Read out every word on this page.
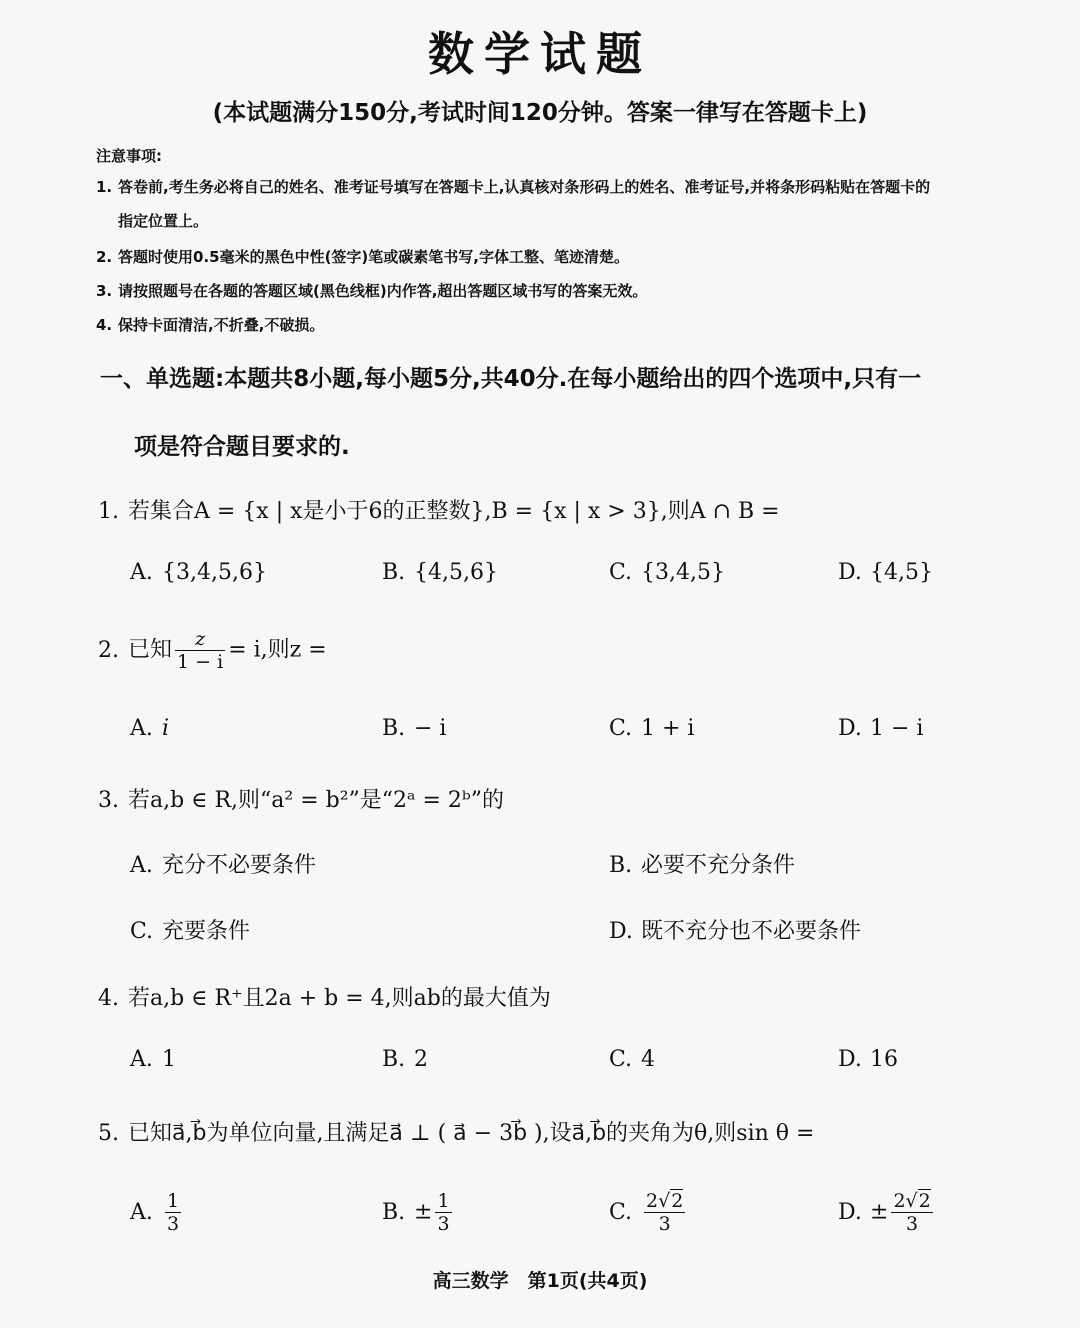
数学试题
(本试题满分150分,考试时间120分钟。答案一律写在答题卡上)
注意事项:
1. 答卷前,考生务必将自己的姓名、准考证号填写在答题卡上,认真核对条形码上的姓名、准考证号,并将条形码粘贴在答题卡的
指定位置上。
2. 答题时使用0.5毫米的黑色中性(签字)笔或碳素笔书写,字体工整、笔迹清楚。
3. 请按照题号在各题的答题区域(黑色线框)内作答,超出答题区域书写的答案无效。
4. 保持卡面清洁,不折叠,不破损。
一、单选题:本题共8小题,每小题5分,共40分.在每小题给出的四个选项中,只有一
项是符合题目要求的.
1. 若集合A = {x | x是小于6的正整数},B = {x | x > 3},则A ∩ B =
A. {3,4,5,6}	B. {4,5,6}	C. {3,4,5}	D. {4,5}
2. 已知 $\frac{z}{1 - i} = i$,则z =
A. i	B. − i	C. 1 + i	D. 1 − i
3. 若a,b ∈ R,则“a² = b²”是“2ᵃ = 2ᵇ”的
A. 充分不必要条件	B. 必要不充分条件
C. 充要条件	D. 既不充分也不必要条件
4. 若a,b ∈ R⁺且2a + b = 4,则ab的最大值为
A. 1	B. 2	C. 4	D. 16
5. 已知a⃗,b⃗为单位向量,且满足a⃗ ⊥ ( a⃗ − 3b⃗ ),设a⃗,b⃗的夹角为θ,则sin θ =
A. $\frac{1}{3}$	B. ± $\frac{1}{3}$	C. $\frac{2√2}{3}$	D. ± $\frac{2√2}{3}$
高三数学　第1页(共4页)
